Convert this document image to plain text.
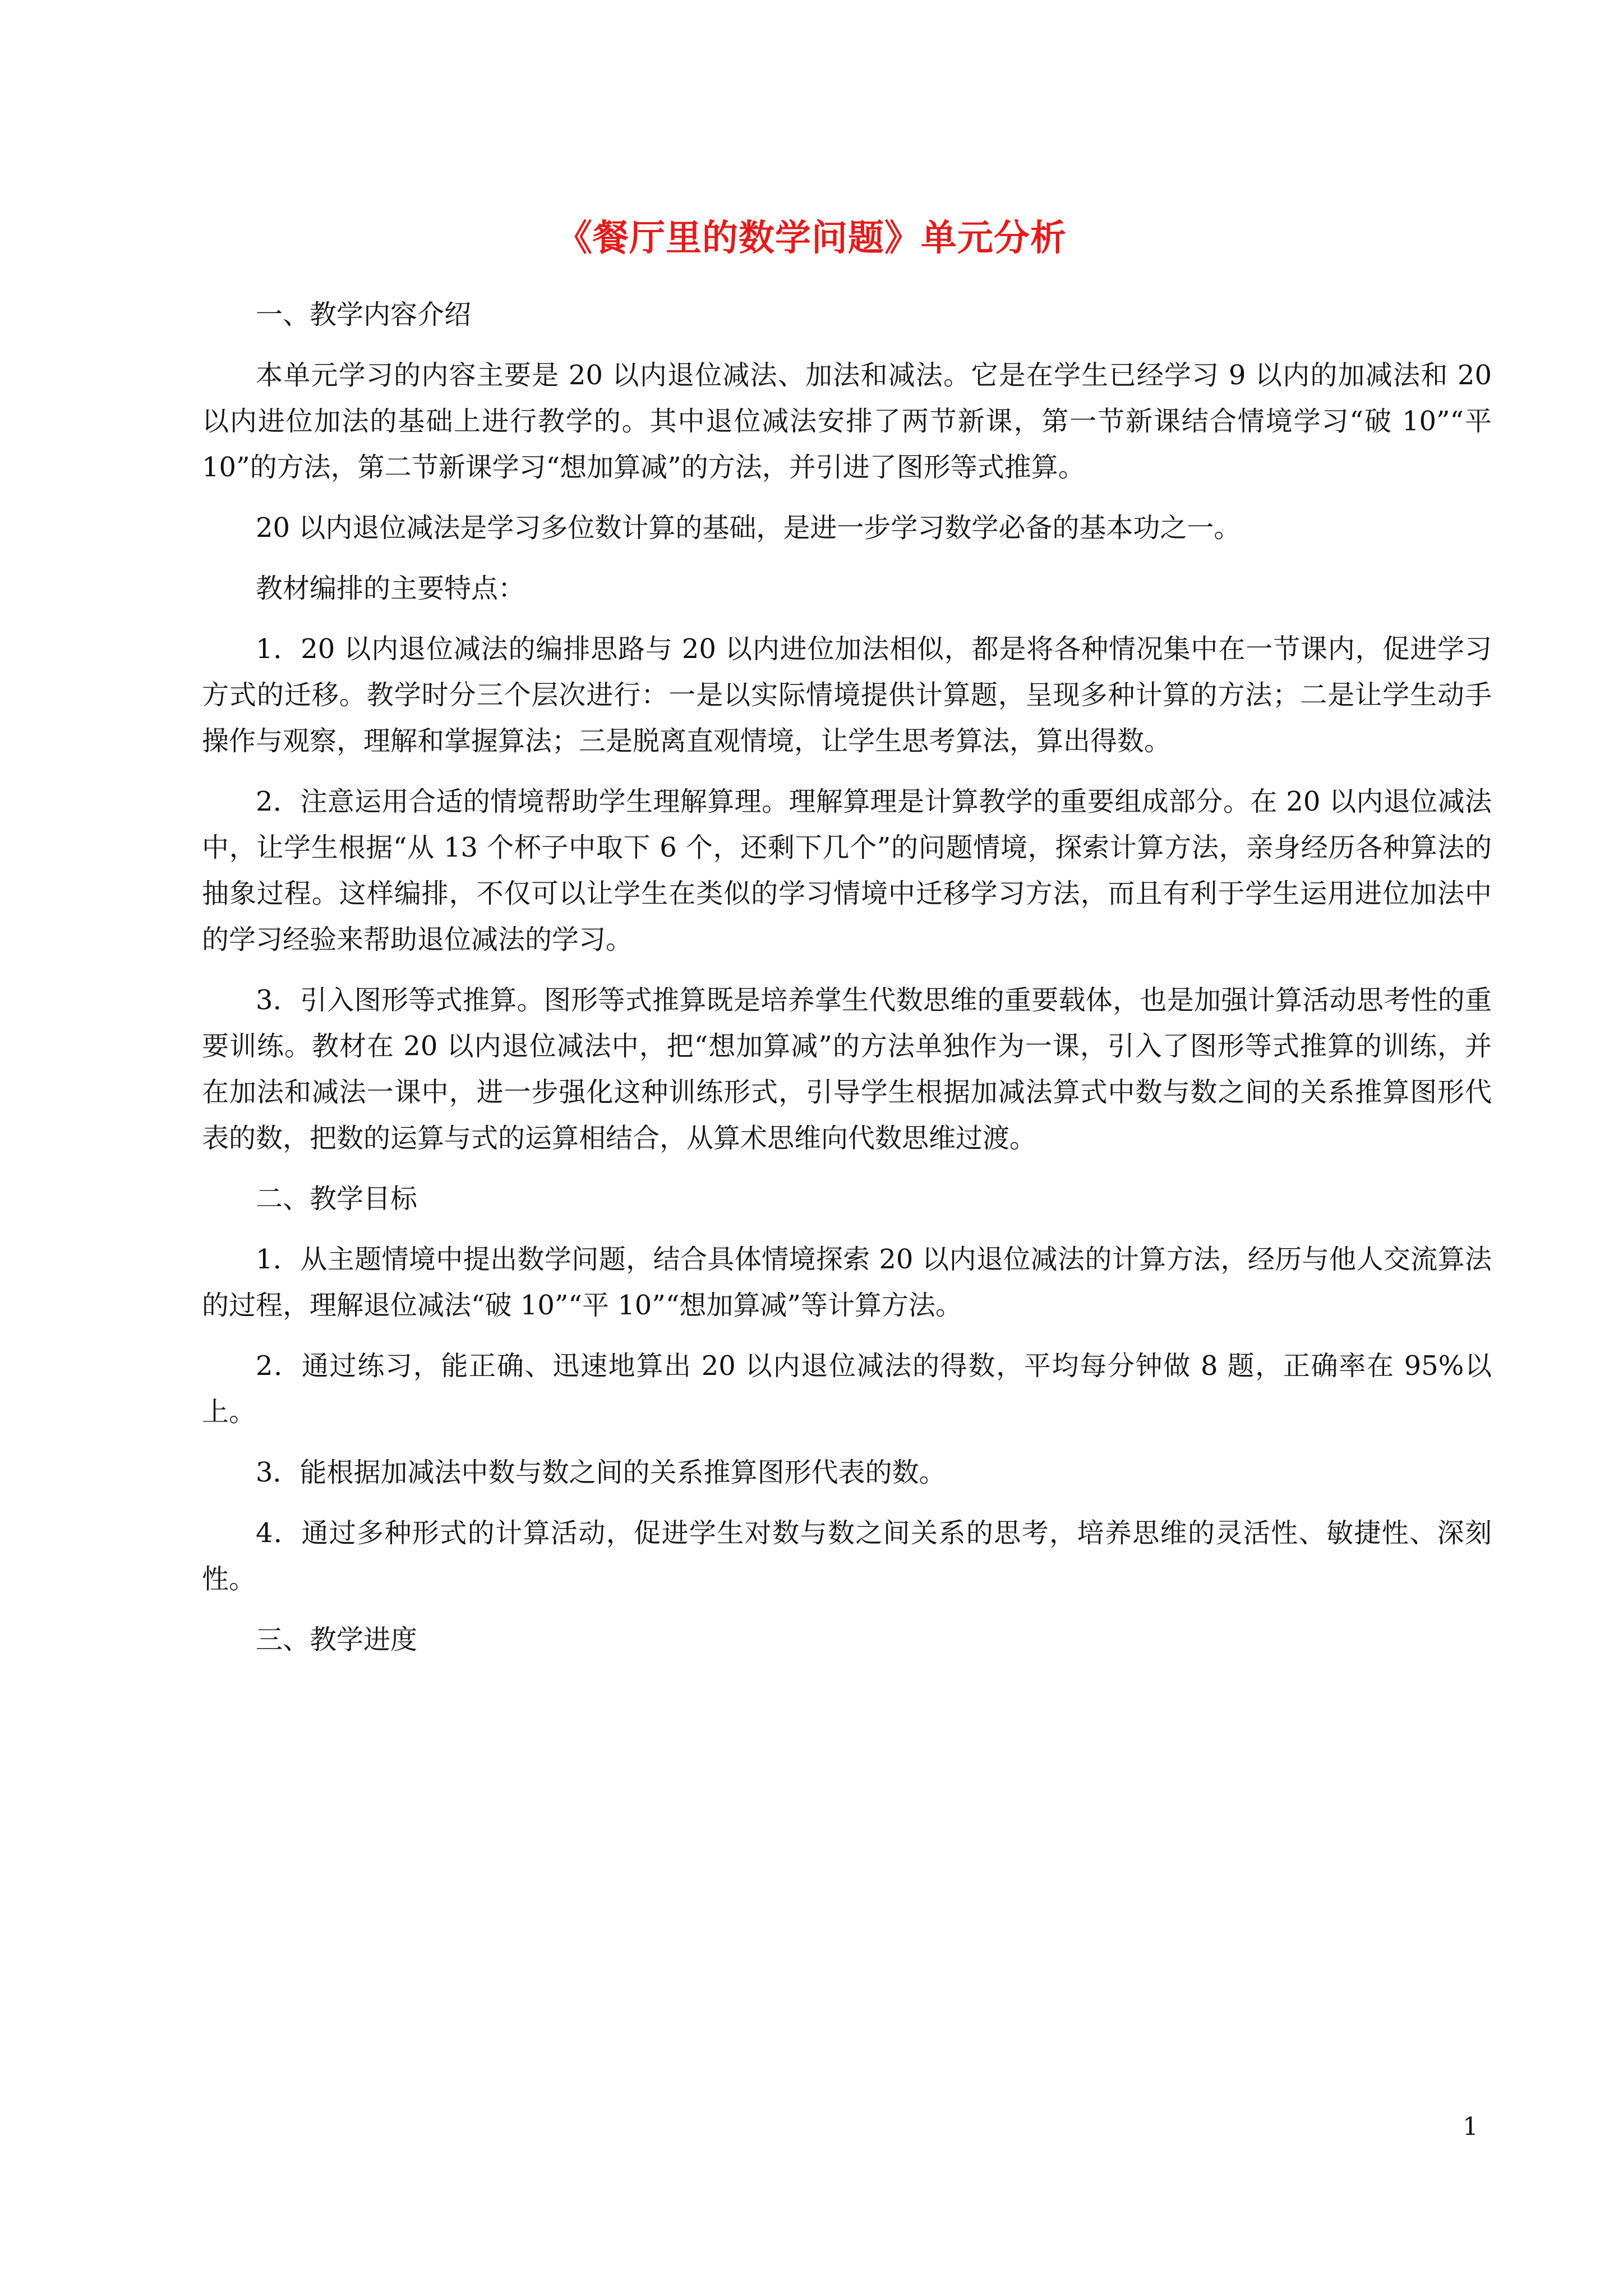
《餐厅里的数学问题》单元分析

一、教学内容介绍

本单元学习的内容主要是 20 以内退位减法、加法和减法。它是在学生已经学习 9 以内的加减法和 20 以内进位加法的基础上进行教学的。其中退位减法安排了两节新课，第一节新课结合情境学习“破 10”“平 10”的方法，第二节新课学习“想加算减”的方法，并引进了图形等式推算。

20 以内退位减法是学习多位数计算的基础，是进一步学习数学必备的基本功之一。

教材编排的主要特点：

1．20 以内退位减法的编排思路与 20 以内进位加法相似，都是将各种情况集中在一节课内，促进学习方式的迁移。教学时分三个层次进行：一是以实际情境提供计算题，呈现多种计算的方法；二是让学生动手操作与观察，理解和掌握算法；三是脱离直观情境，让学生思考算法，算出得数。

2．注意运用合适的情境帮助学生理解算理。理解算理是计算教学的重要组成部分。在 20 以内退位减法中，让学生根据“从 13 个杯子中取下 6 个，还剩下几个”的问题情境，探索计算方法，亲身经历各种算法的抽象过程。这样编排，不仅可以让学生在类似的学习情境中迁移学习方法，而且有利于学生运用进位加法中的学习经验来帮助退位减法的学习。

3．引入图形等式推算。图形等式推算既是培养掌生代数思维的重要载体，也是加强计算活动思考性的重要训练。教材在 20 以内退位减法中，把“想加算减”的方法单独作为一课，引入了图形等式推算的训练，并在加法和减法一课中，进一步强化这种训练形式，引导学生根据加减法算式中数与数之间的关系推算图形代表的数，把数的运算与式的运算相结合，从算术思维向代数思维过渡。

二、教学目标

1．从主题情境中提出数学问题，结合具体情境探索 20 以内退位减法的计算方法，经历与他人交流算法的过程，理解退位减法“破 10”“平 10”“想加算减”等计算方法。

2．通过练习，能正确、迅速地算出 20 以内退位减法的得数，平均每分钟做 8 题，正确率在 95%以上。

3．能根据加减法中数与数之间的关系推算图形代表的数。

4．通过多种形式的计算活动，促进学生对数与数之间关系的思考，培养思维的灵活性、敏捷性、深刻性。

三、教学进度

1
